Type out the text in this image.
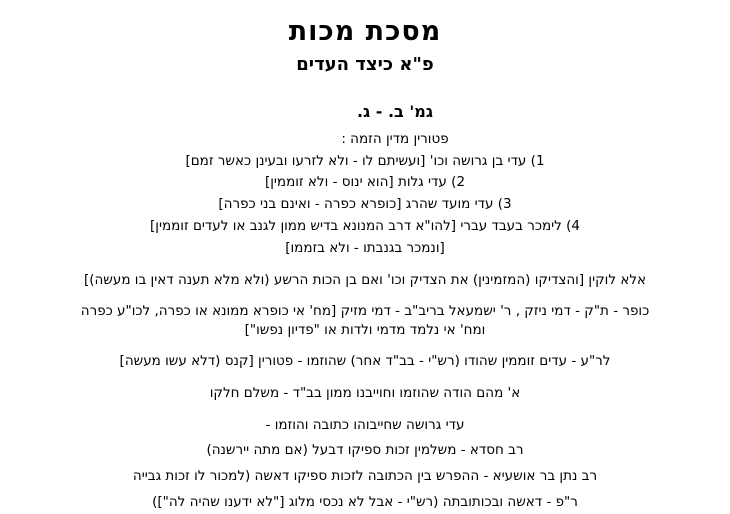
מסכת מכות
פ"א כיצד העדים
גמ' ב. - ג.
פטורין מדין הזמה :
1) עדי בן גרושה וכו' [ועשיתם לו - ולא לזרעו ובעינן כאשר זמם]
2) עדי גלות [הוא ינוס - ולא זוממין]
3) עדי מועד שהרג [כופרא כפרה - ואינם בני כפרה]
4) לימכר בעבד עברי [להו"א דרב המנונא בדיש ממון לגנב או לעדים זוממין]
[ונמכר בגנבתו - ולא בזממו]
אלא לוקין [והצדיקו (המזמינין) את הצדיק וכו' ואם בן הכות הרשע (ולא מלא תענה דאין בו מעשה)]
כופר - ת"ק - דמי ניזק , ר' ישמעאל בריב"ב - דמי מזיק [מח' אי כופרא ממונא או כפרה, לכו"ע כפרה
ומח' אי נלמד מדמי ולדות או "פדיון נפשו"]
לר"ע - עדים זוממין שהודו (רש"י - בב"ד אחר) שהוזמו - פטורין [קנס (דלא עשו מעשה]
א' מהם הודה שהוזמו וחוייבנו ממון בב"ד - משלם חלקו
עדי גרושה שחייבוהו כתובה והוזמו -
רב חסדא - משלמין זכות ספיקו דבעל (אם מתה יירשנה)
רב נתן בר אושעיא - ההפרש בין הכתובה לזכות ספיקו דאשה (למכור לו זכות גבייה
ר"פ - דאשה ובכותובתה (רש"י - אבל לא נכסי מלוג ["לא ידענו שהיה לה"])
